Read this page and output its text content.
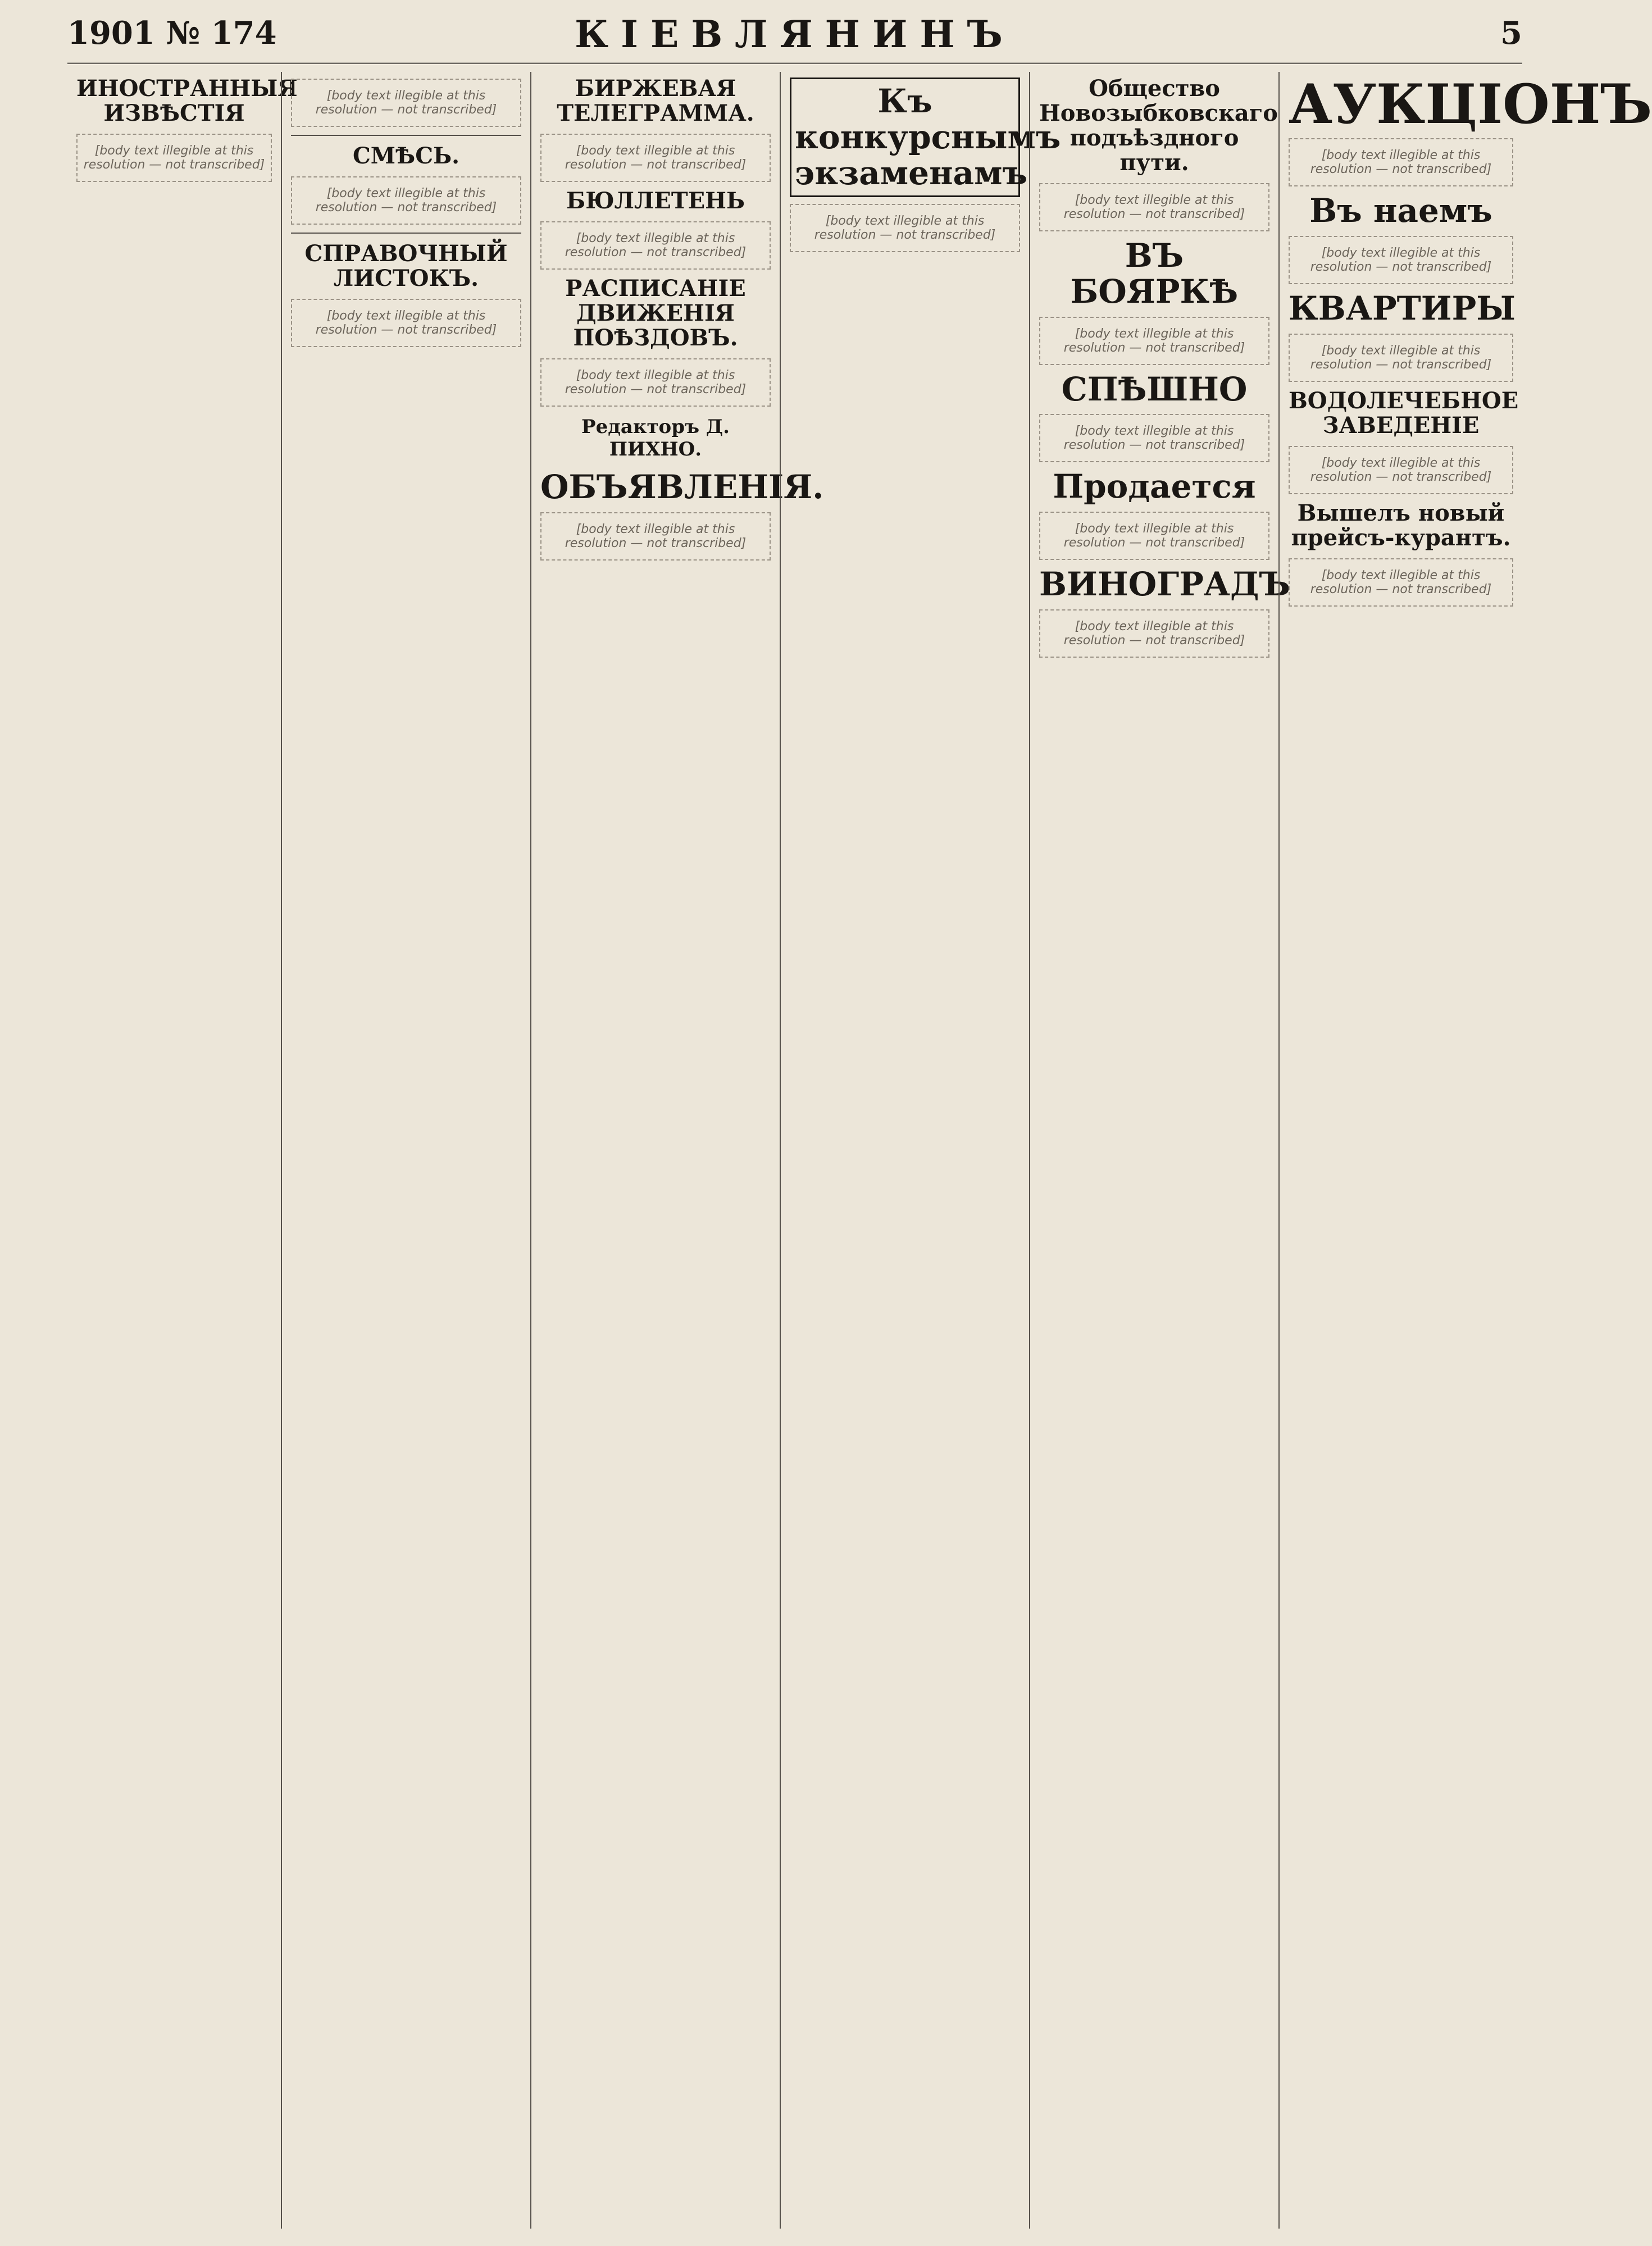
1901 № 174	КІЕВЛЯНИНЪ	5
ИНОСТРАННЫЯ ИЗВѢСТІЯ
[body text illegible at this resolution — not transcribed]
[body text illegible at this resolution — not transcribed]
СМѢСЬ.
[body text illegible at this resolution — not transcribed]
СПРАВОЧНЫЙ ЛИСТОКЪ.
[body text illegible at this resolution — not transcribed]
БИРЖЕВАЯ ТЕЛЕГРАММА.
[body text illegible at this resolution — not transcribed]
БЮЛЛЕТЕНЬ
[body text illegible at this resolution — not transcribed]
РАСПИСАНІЕ ДВИЖЕНІЯ ПОѢЗДОВЪ.
[body text illegible at this resolution — not transcribed]
Редакторъ Д. ПИХНО.
ОБЪЯВЛЕНІЯ.
[body text illegible at this resolution — not transcribed]
Къ конкурснымъ экзаменамъ
[body text illegible at this resolution — not transcribed]
Общество Новозыбковскаго подъѣздного пути.
[body text illegible at this resolution — not transcribed]
ВЪ БОЯРКѢ
[body text illegible at this resolution — not transcribed]
СПѢШНО
[body text illegible at this resolution — not transcribed]
Продается
[body text illegible at this resolution — not transcribed]
ВИНОГРАДЪ
[body text illegible at this resolution — not transcribed]
АУКЦІОНЪ
[body text illegible at this resolution — not transcribed]
Въ наемъ
[body text illegible at this resolution — not transcribed]
КВАРТИРЫ
[body text illegible at this resolution — not transcribed]
ВОДОЛЕЧЕБНОЕ ЗАВЕДЕНІЕ
[body text illegible at this resolution — not transcribed]
Вышелъ новый прейсъ-курантъ.
[body text illegible at this resolution — not transcribed]
